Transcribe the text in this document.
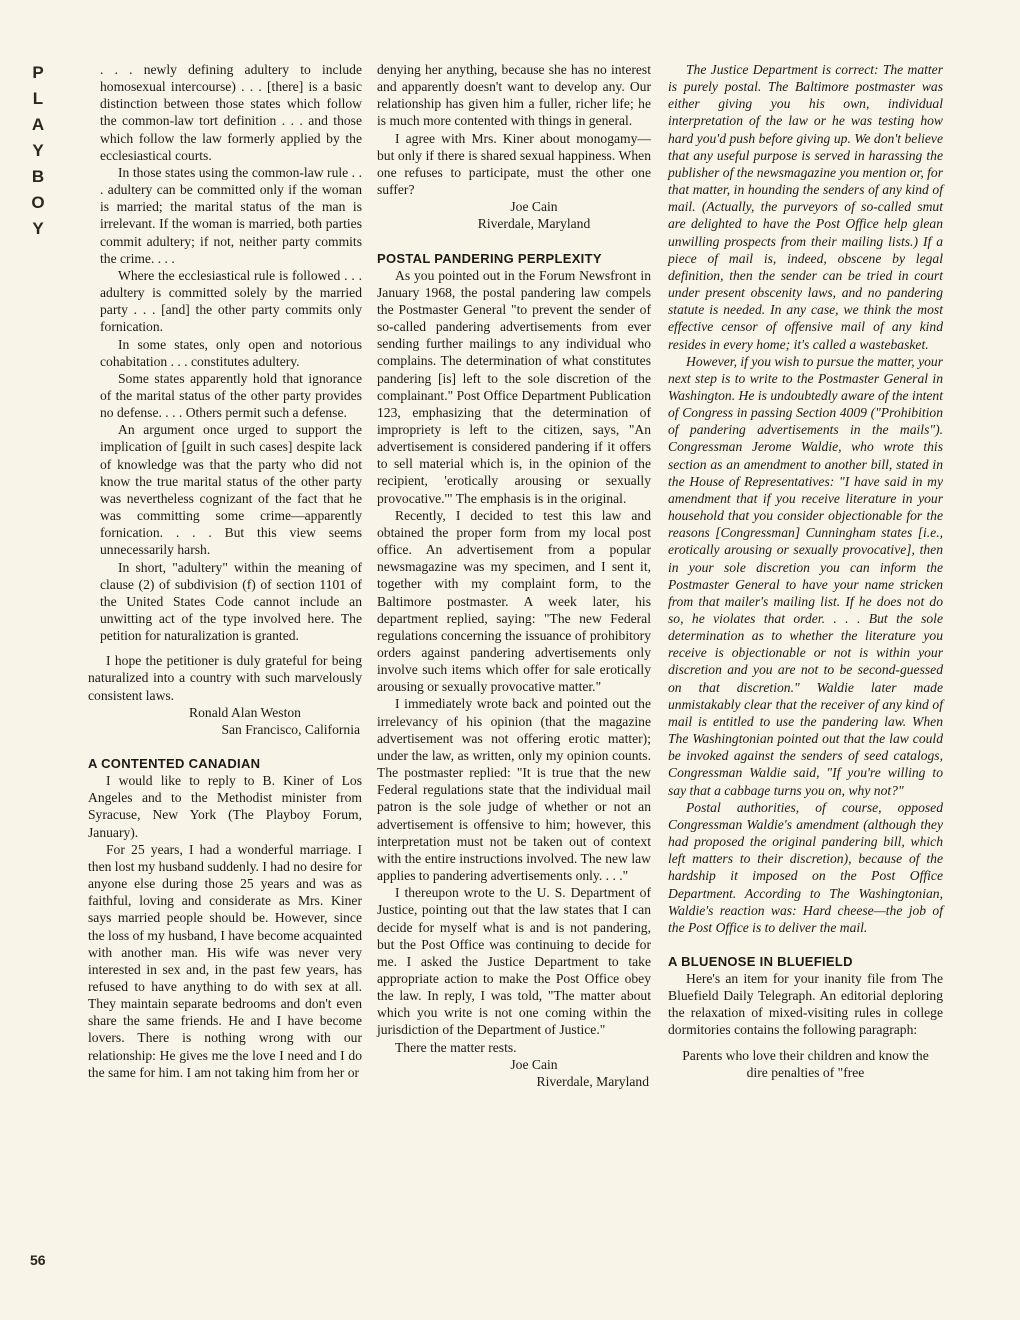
P
L
A
Y
B
O
Y
56

. . . newly defining adultery to include homosexual intercourse) . . . [there] is a basic distinction between those states which follow the common-law tort definition . . . and those which follow the law formerly applied by the ecclesiastical courts.

In those states using the common-law rule . . . adultery can be committed only if the woman is married; the marital status of the man is irrelevant. If the woman is married, both parties commit adultery; if not, neither party commits the crime. . . .

Where the ecclesiastical rule is followed . . . adultery is committed solely by the married party . . . [and] the other party commits only fornication.

In some states, only open and notorious cohabitation . . . constitutes adultery.

Some states apparently hold that ignorance of the marital status of the other party provides no defense. . . . Others permit such a defense.

An argument once urged to support the implication of [guilt in such cases] despite lack of knowledge was that the party who did not know the true marital status of the other party was nevertheless cognizant of the fact that he was committing some crime—apparently fornication. . . . But this view seems unnecessarily harsh.

In short, "adultery" within the meaning of clause (2) of subdivision (f) of section 1101 of the United States Code cannot include an unwitting act of the type involved here. The petition for naturalization is granted.

I hope the petitioner is duly grateful for being naturalized into a country with such marvelously consistent laws.

Ronald Alan Weston

San Francisco, California

A CONTENTED CANADIAN

I would like to reply to B. Kiner of Los Angeles and to the Methodist minister from Syracuse, New York (The Playboy Forum, January).

For 25 years, I had a wonderful marriage. I then lost my husband suddenly. I had no desire for anyone else during those 25 years and was as faithful, loving and considerate as Mrs. Kiner says married people should be. However, since the loss of my husband, I have become acquainted with another man. His wife was never very interested in sex and, in the past few years, has refused to have anything to do with sex at all. They maintain separate bedrooms and don't even share the same friends. He and I have become lovers. There is nothing wrong with our relationship: He gives me the love I need and I do the same for him. I am not taking him from her or

denying her anything, because she has no interest and apparently doesn't want to develop any. Our relationship has given him a fuller, richer life; he is much more contented with things in general.

I agree with Mrs. Kiner about monogamy—but only if there is shared sexual happiness. When one refuses to participate, must the other one suffer?

Joe Cain

Riverdale, Maryland

POSTAL PANDERING PERPLEXITY

As you pointed out in the Forum Newsfront in January 1968, the postal pandering law compels the Postmaster General "to prevent the sender of so-called pandering advertisements from ever sending further mailings to any individual who complains. The determination of what constitutes pandering [is] left to the sole discretion of the complainant." Post Office Department Publication 123, emphasizing that the determination of impropriety is left to the citizen, says, "An advertisement is considered pandering if it offers to sell material which is, in the opinion of the recipient, 'erotically arousing or sexually provocative.'" The emphasis is in the original.

Recently, I decided to test this law and obtained the proper form from my local post office. An advertisement from a popular newsmagazine was my specimen, and I sent it, together with my complaint form, to the Baltimore postmaster. A week later, his department replied, saying: "The new Federal regulations concerning the issuance of prohibitory orders against pandering advertisements only involve such items which offer for sale erotically arousing or sexually provocative matter."

I immediately wrote back and pointed out the irrelevancy of his opinion (that the magazine advertisement was not offering erotic matter); under the law, as written, only my opinion counts. The postmaster replied: "It is true that the new Federal regulations state that the individual mail patron is the sole judge of whether or not an advertisement is offensive to him; however, this interpretation must not be taken out of context with the entire instructions involved. The new law applies to pandering advertisements only. . . ."

I thereupon wrote to the U. S. Department of Justice, pointing out that the law states that I can decide for myself what is and is not pandering, but the Post Office was continuing to decide for me. I asked the Justice Department to take appropriate action to make the Post Office obey the law. In reply, I was told, "The matter about which you write is not one coming within the jurisdiction of the Department of Justice."

There the matter rests.

Joe Cain

Riverdale, Maryland

The Justice Department is correct: The matter is purely postal. The Baltimore postmaster was either giving you his own, individual interpretation of the law or he was testing how hard you'd push before giving up. We don't believe that any useful purpose is served in harassing the publisher of the newsmagazine you mention or, for that matter, in hounding the senders of any kind of mail. (Actually, the purveyors of so-called smut are delighted to have the Post Office help glean unwilling prospects from their mailing lists.) If a piece of mail is, indeed, obscene by legal definition, then the sender can be tried in court under present obscenity laws, and no pandering statute is needed. In any case, we think the most effective censor of offensive mail of any kind resides in every home; it's called a wastebasket.

However, if you wish to pursue the matter, your next step is to write to the Postmaster General in Washington. He is undoubtedly aware of the intent of Congress in passing Section 4009 ("Prohibition of pandering advertisements in the mails"). Congressman Jerome Waldie, who wrote this section as an amendment to another bill, stated in the House of Representatives: "I have said in my amendment that if you receive literature in your household that you consider objectionable for the reasons [Congressman] Cunningham states [i.e., erotically arousing or sexually provocative], then in your sole discretion you can inform the Postmaster General to have your name stricken from that mailer's mailing list. If he does not do so, he violates that order. . . . But the sole determination as to whether the literature you receive is objectionable or not is within your discretion and you are not to be second-guessed on that discretion." Waldie later made unmistakably clear that the receiver of any kind of mail is entitled to use the pandering law. When The Washingtonian pointed out that the law could be invoked against the senders of seed catalogs, Congressman Waldie said, "If you're willing to say that a cabbage turns you on, why not?"

Postal authorities, of course, opposed Congressman Waldie's amendment (although they had proposed the original pandering bill, which left matters to their discretion), because of the hardship it imposed on the Post Office Department. According to The Washingtonian, Waldie's reaction was: Hard cheese—the job of the Post Office is to deliver the mail.

A BLUENOSE IN BLUEFIELD

Here's an item for your inanity file from The Bluefield Daily Telegraph. An editorial deploring the relaxation of mixed-visiting rules in college dormitories contains the following paragraph:

Parents who love their children and know the dire penalties of "free
